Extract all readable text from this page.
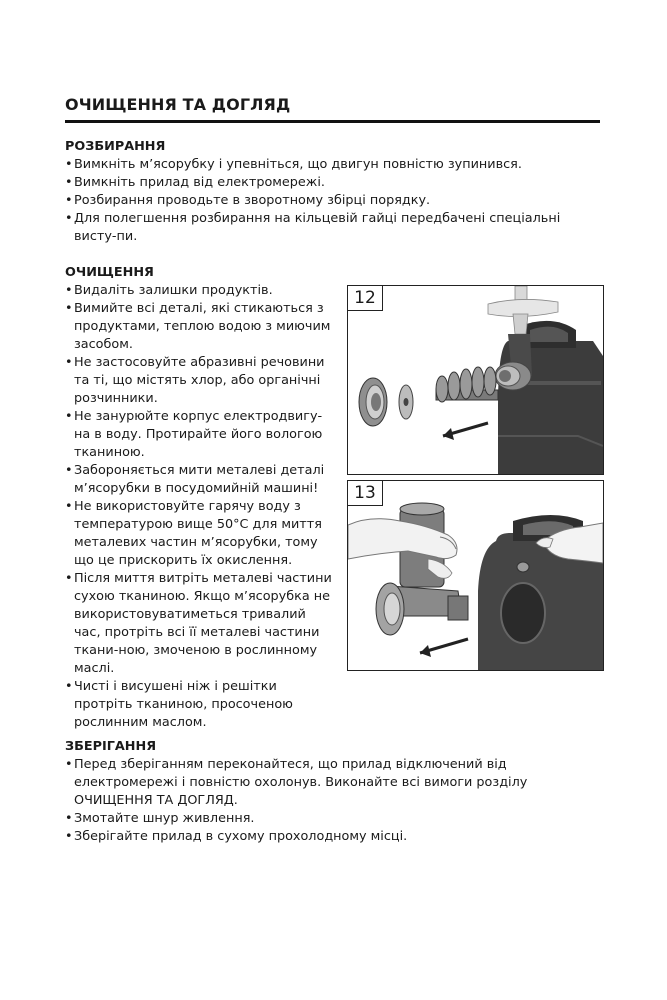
ОЧИЩЕННЯ ТА ДОГЛЯД
РОЗБИРАННЯ
• Вимкніть м’ясорубку і упевніться, що двигун повністю зупинився.
• Вимкніть прилад від електромережі.
• Розбирання проводьте в зворотному збірці порядку.
• Для полегшення розбирання на кільцевій гайці передбачені спеціальні висту-пи.
ОЧИЩЕННЯ
• Видаліть залишки продуктів.
• Вимийте всі деталі, які стикаються з продуктами, теплою водою з миючим засобом.
• Не застосовуйте абразивні речовини та ті, що містять хлор, або органічні розчинники.
• Не занурюйте корпус електродвигу-на в воду. Протирайте його вологою тканиною.
• Забороняється мити металеві деталі м’ясорубки в посудомийній машині!
• Не використовуйте гарячу воду з температурою вище 50°C для миття металевих частин м’ясорубки, тому що це прискорить їх окислення.
• Після миття витріть металеві частини сухою тканиною. Якщо м’ясорубка не використовуватиметься тривалий час, протріть всі її металеві частини ткани-ною, змоченою в рослинному маслі.
• Чисті і висушені ніж і решітки протріть тканиною, просоченою рослинним маслом.
12
13
ЗБЕРІГАННЯ
• Перед зберіганням переконайтеся, що прилад відключений від електромережі і повністю охолонув. Виконайте всі вимоги розділу ОЧИЩЕННЯ ТА ДОГЛЯД.
• Змотайте шнур живлення.
• Зберігайте прилад в сухому прохолодному місці.
